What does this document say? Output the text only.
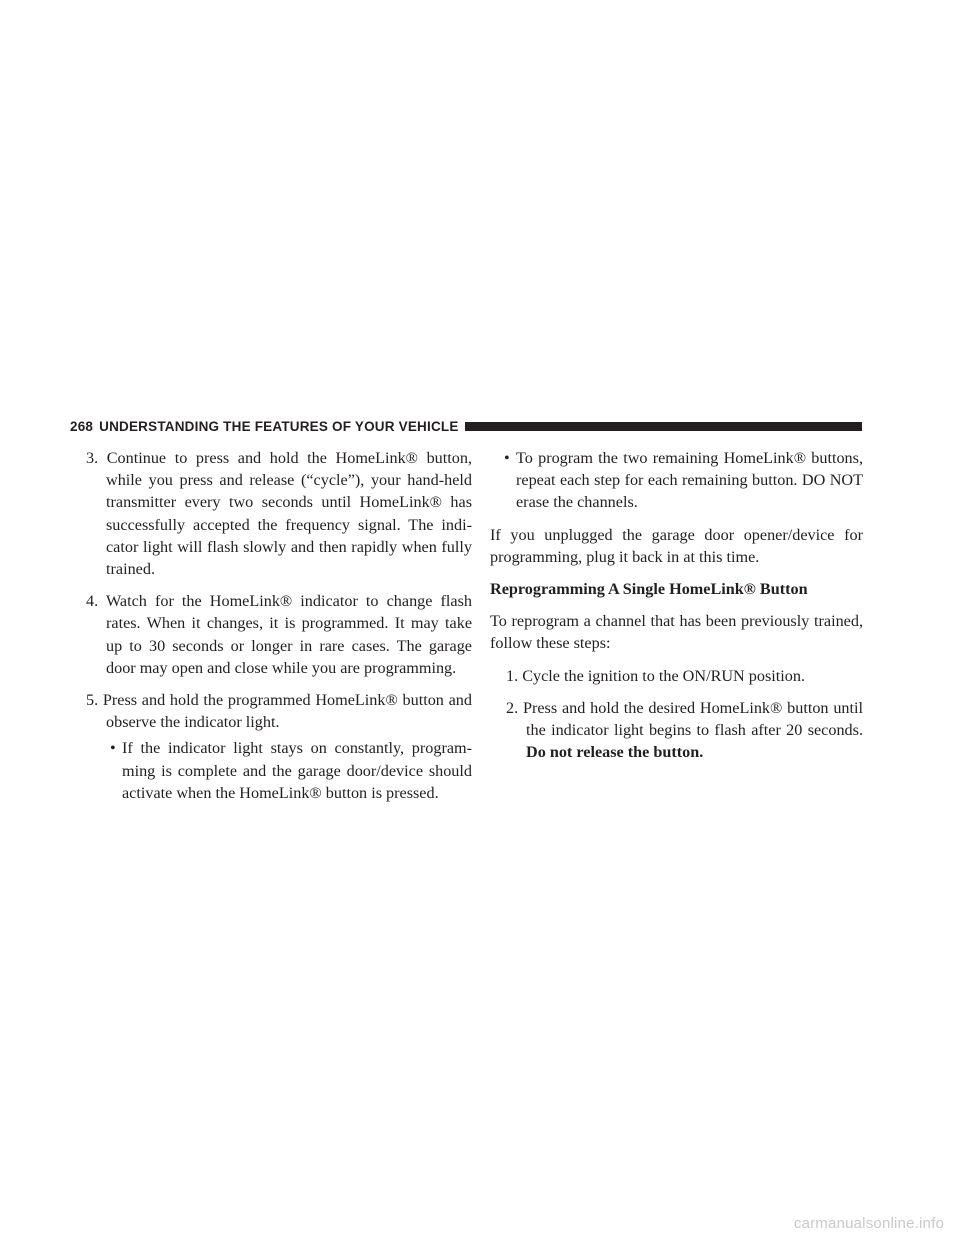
268 UNDERSTANDING THE FEATURES OF YOUR VEHICLE

3. Continue to press and hold the HomeLink® button, while you press and release (“cycle”), your hand-held transmitter every two seconds until HomeLink® has successfully accepted the frequency signal. The indicator light will flash slowly and then rapidly when fully trained.

4. Watch for the HomeLink® indicator to change flash rates. When it changes, it is programmed. It may take up to 30 seconds or longer in rare cases. The garage door may open and close while you are programming.

5. Press and hold the programmed HomeLink® button and observe the indicator light.

• If the indicator light stays on constantly, programming is complete and the garage door/device should activate when the HomeLink® button is pressed.

• To program the two remaining HomeLink® buttons, repeat each step for each remaining button. DO NOT erase the channels.

If you unplugged the garage door opener/device for programming, plug it back in at this time.

Reprogramming A Single HomeLink® Button

To reprogram a channel that has been previously trained, follow these steps:

1. Cycle the ignition to the ON/RUN position.

2. Press and hold the desired HomeLink® button until the indicator light begins to flash after 20 seconds. Do not release the button.

carmanualsonline.info
